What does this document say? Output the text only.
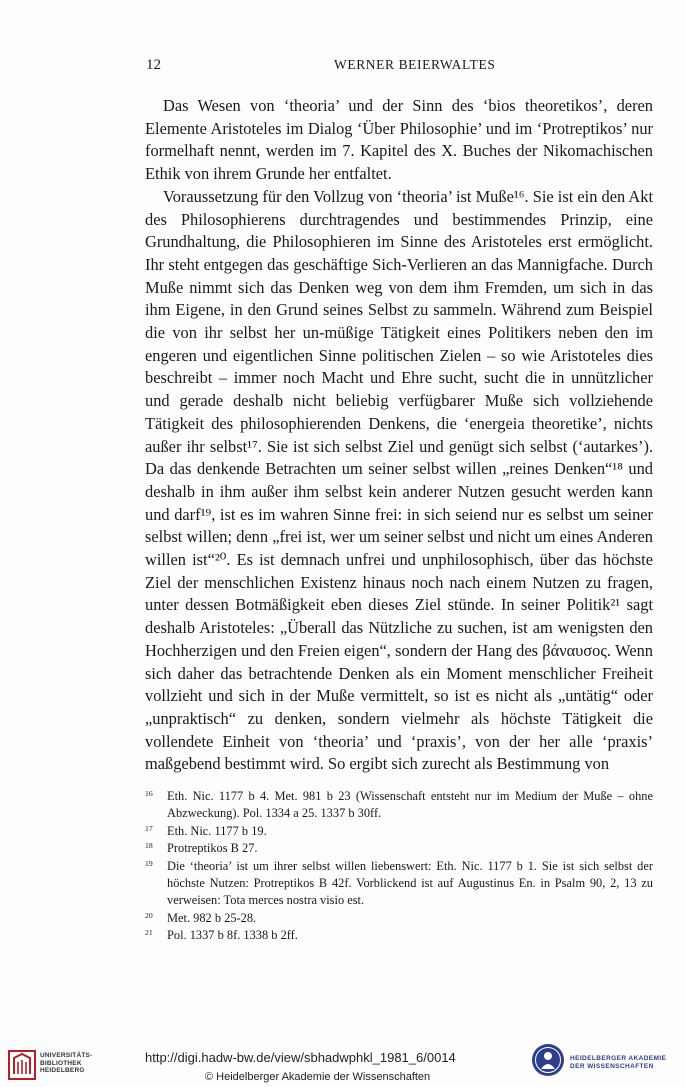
12	WERNER BEIERWALTES

Das Wesen von ‘theoria’ und der Sinn des ‘bios theoretikos’, deren Elemente Aristoteles im Dialog ‘Über Philosophie’ und im ‘Protreptikos’ nur formelhaft nennt, werden im 7. Kapitel des X. Buches der Nikomachischen Ethik von ihrem Grunde her entfaltet.

Voraussetzung für den Vollzug von ‘theoria’ ist Muße¹⁶. Sie ist ein den Akt des Philosophierens durchtragendes und bestimmendes Prinzip, eine Grundhaltung, die Philosophieren im Sinne des Aristoteles erst ermöglicht. Ihr steht entgegen das geschäftige Sich-Verlieren an das Mannigfache. Durch Muße nimmt sich das Denken weg von dem ihm Fremden, um sich in das ihm Eigene, in den Grund seines Selbst zu sammeln. Während zum Beispiel die von ihr selbst her un-müßige Tätigkeit eines Politikers neben den im engeren und eigentlichen Sinne politischen Zielen – so wie Aristoteles dies beschreibt – immer noch Macht und Ehre sucht, sucht die in unnützlicher und gerade deshalb nicht beliebig verfügbarer Muße sich vollziehende Tätigkeit des philosophierenden Denkens, die ‘energeia theoretike’, nichts außer ihr selbst¹⁷. Sie ist sich selbst Ziel und genügt sich selbst (‘autarkes’). Da das denkende Betrachten um seiner selbst willen „reines Denken“¹⁸ und deshalb in ihm außer ihm selbst kein anderer Nutzen gesucht werden kann und darf¹⁹, ist es im wahren Sinne frei: in sich seiend nur es selbst um seiner selbst willen; denn „frei ist, wer um seiner selbst und nicht um eines Anderen willen ist“²⁰. Es ist demnach unfrei und unphilosophisch, über das höchste Ziel der menschlichen Existenz hinaus noch nach einem Nutzen zu fragen, unter dessen Botmäßigkeit eben dieses Ziel stünde. In seiner Politik²¹ sagt deshalb Aristoteles: „Überall das Nützliche zu suchen, ist am wenigsten den Hochherzigen und den Freien eigen“, sondern der Hang des βάναυσος. Wenn sich daher das betrachtende Denken als ein Moment menschlicher Freiheit vollzieht und sich in der Muße vermittelt, so ist es nicht als „untätig“ oder „unpraktisch“ zu denken, sondern vielmehr als höchste Tätigkeit die vollendete Einheit von ‘theoria’ und ‘praxis’, von der her alle ‘praxis’ maßgebend bestimmt wird. So ergibt sich zurecht als Bestimmung von

$^{16}$	Eth. Nic. 1177 b 4. Met. 981 b 23 (Wissenschaft entsteht nur im Medium der Muße – ohne Abzweckung). Pol. 1334 a 25. 1337 b 30ff.
$^{17}$	Eth. Nic. 1177 b 19.
$^{18}$	Protreptikos B 27.
$^{19}$	Die ‘theoria’ ist um ihrer selbst willen liebenswert: Eth. Nic. 1177 b 1. Sie ist sich selbst der höchste Nutzen: Protreptikos B 42f. Vorblickend ist auf Augustinus En. in Psalm 90, 2, 13 zu verweisen: Tota merces nostra visio est.
$^{20}$	Met. 982 b 25-28.
$^{21}$	Pol. 1337 b 8f. 1338 b 2ff.
UNIVERSITÄTS-BIBLIOTHEK HEIDELBERG
http://digi.hadw-bw.de/view/sbhadwphkl_1981_6/0014
© Heidelberger Akademie der Wissenschaften
HEIDELBERGER AKADEMIE DER WISSENSCHAFTEN
